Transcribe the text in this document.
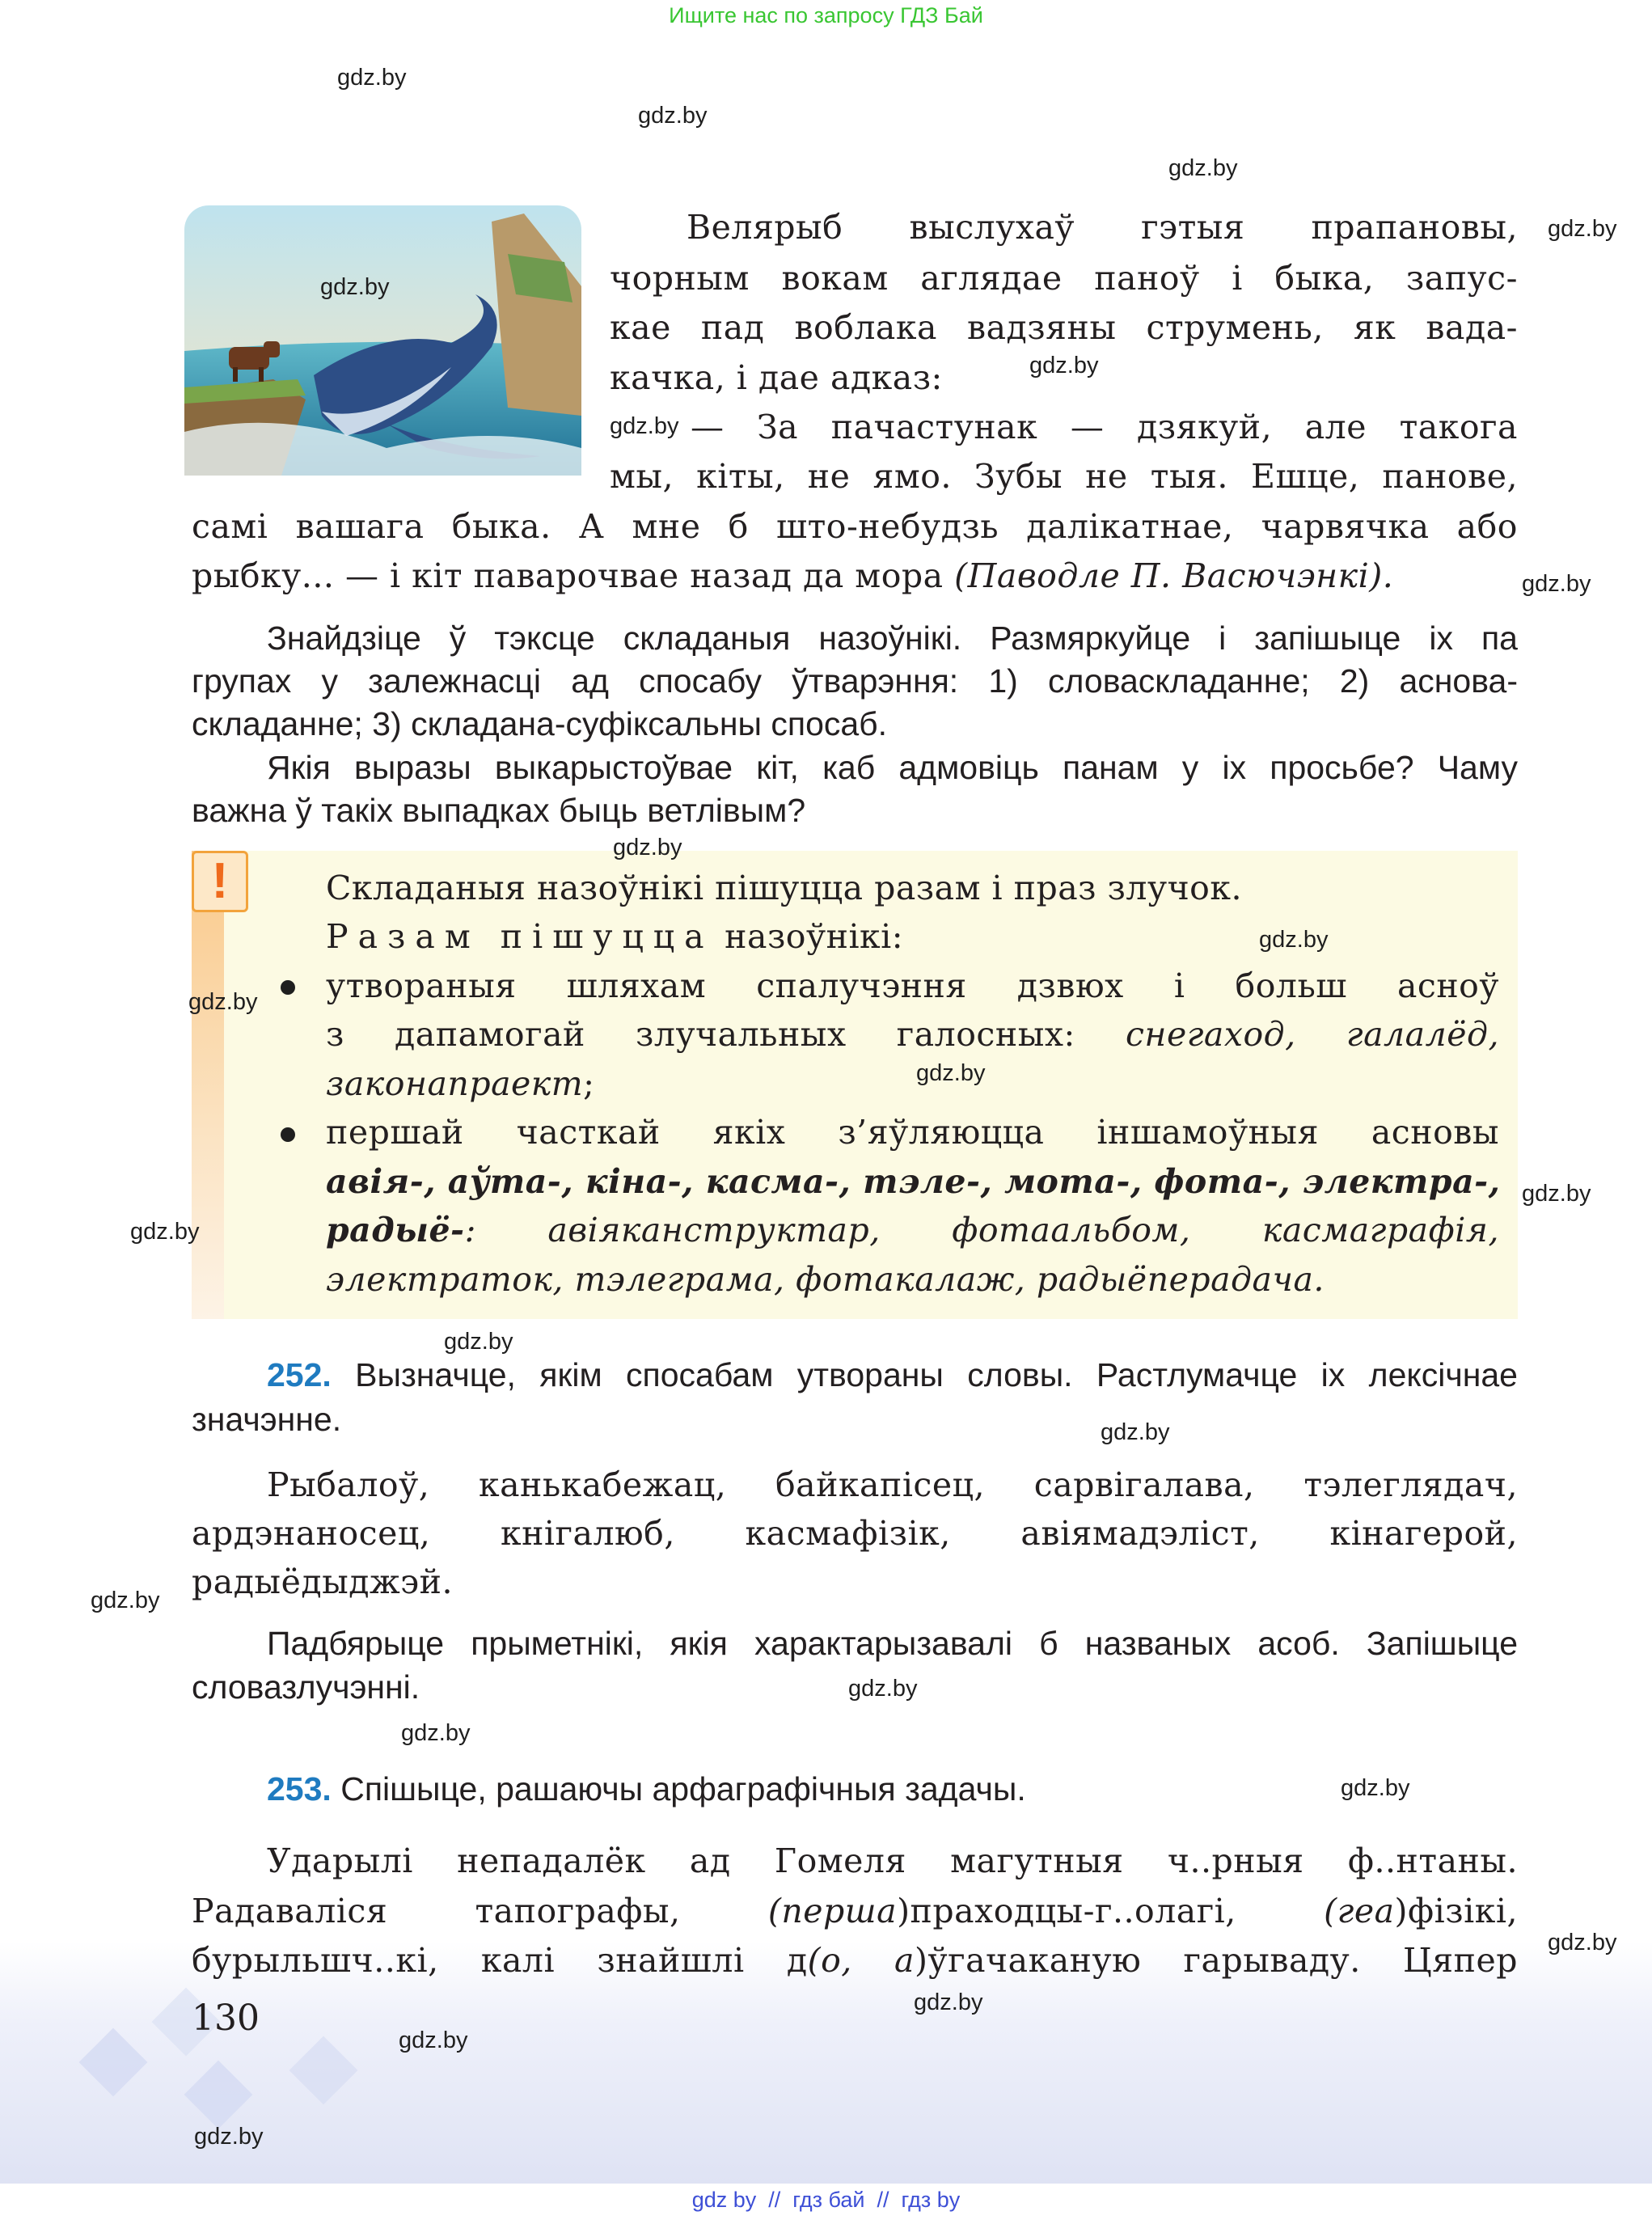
Ищите нас по запросу ГДЗ Бай
Велярыб выслухаў гэтыя прапановы,
чорным вокам аглядае паноў і быка, запус-
кае пад воблака вадзяны струмень, як вада-
качка, і дае адказ:
— За пачастунак — дзякуй, але такога
мы, кіты, не ямо. Зубы не тыя. Ешце, панове,
самі вашага быка. А мне б што-небудзь далікатнае, чарвячка або
рыбку... — і кіт паварочвае назад да мора (Паводле П. Васючэнкі).
Знайдзіце ў тэксце складаныя назоўнікі. Размяркуйце і запішыце іх па
групах у залежнасці ад спосабу ўтварэння: 1) словаскладанне; 2) аснова-
складанне; 3) складана-суфіксальны спосаб.
Якія выразы выкарыстоўвае кіт, каб адмовіць панам у іх просьбе? Чаму
важна ў такіх выпадках быць ветлівым?
!	Складаныя назоўнікі пішуцца разам і праз злучок.
Разам пішуцца назоўнікі:
утвораныя шляхам спалучэння дзвюх і больш асноў
з дапамогай злучальных галосных: снегаход, галалёд,
законапраект;
першай часткай якіх з’яўляюцца іншамоўныя асновы
авія-, аўта-, кіна-, касма-, тэле-, мота-, фота-, электра-,
радыё-: авіяканструктар, фотаальбом, касмаграфія,
электраток, тэлеграма, фотакалаж, радыёперадача.
252. Вызначце, якім спосабам утвораны словы. Растлумачце іх лексічнае
значэнне.
Рыбалоў, канькабежац, байкапісец, сарвігалава, тэлеглядач,
ардэнаносец, кнігалюб, касмафізік, авіямадэліст, кінагерой,
радыёдыджэй.
Падбярыце прыметнікі, якія характарызавалі б названых асоб. Запішыце
словазлучэнні.
253. Спішыце, рашаючы арфаграфічныя задачы.
Ударылі непадалёк ад Гомеля магутныя ч..рныя ф..нтаны.
Радаваліся тапографы,	(перша)праходцы-г..олагі,	(геа)фізікі,
бурыльшч..кі, калі знайшлі д(о, а)ўгачаканую гарываду. Цяпер
130
gdz.by
gdz.by
gdz.by
gdz.by
gdz.by
gdz.by
gdz.by
gdz.by
gdz.by
gdz.by
gdz.by
gdz.by
gdz.by
gdz.by
gdz.by
gdz.by
gdz.by
gdz.by
gdz.by
gdz.by
gdz.by
gdz.by
gdz.by
gdz.by
gdz by  //  гдз бай  //  гдз by
